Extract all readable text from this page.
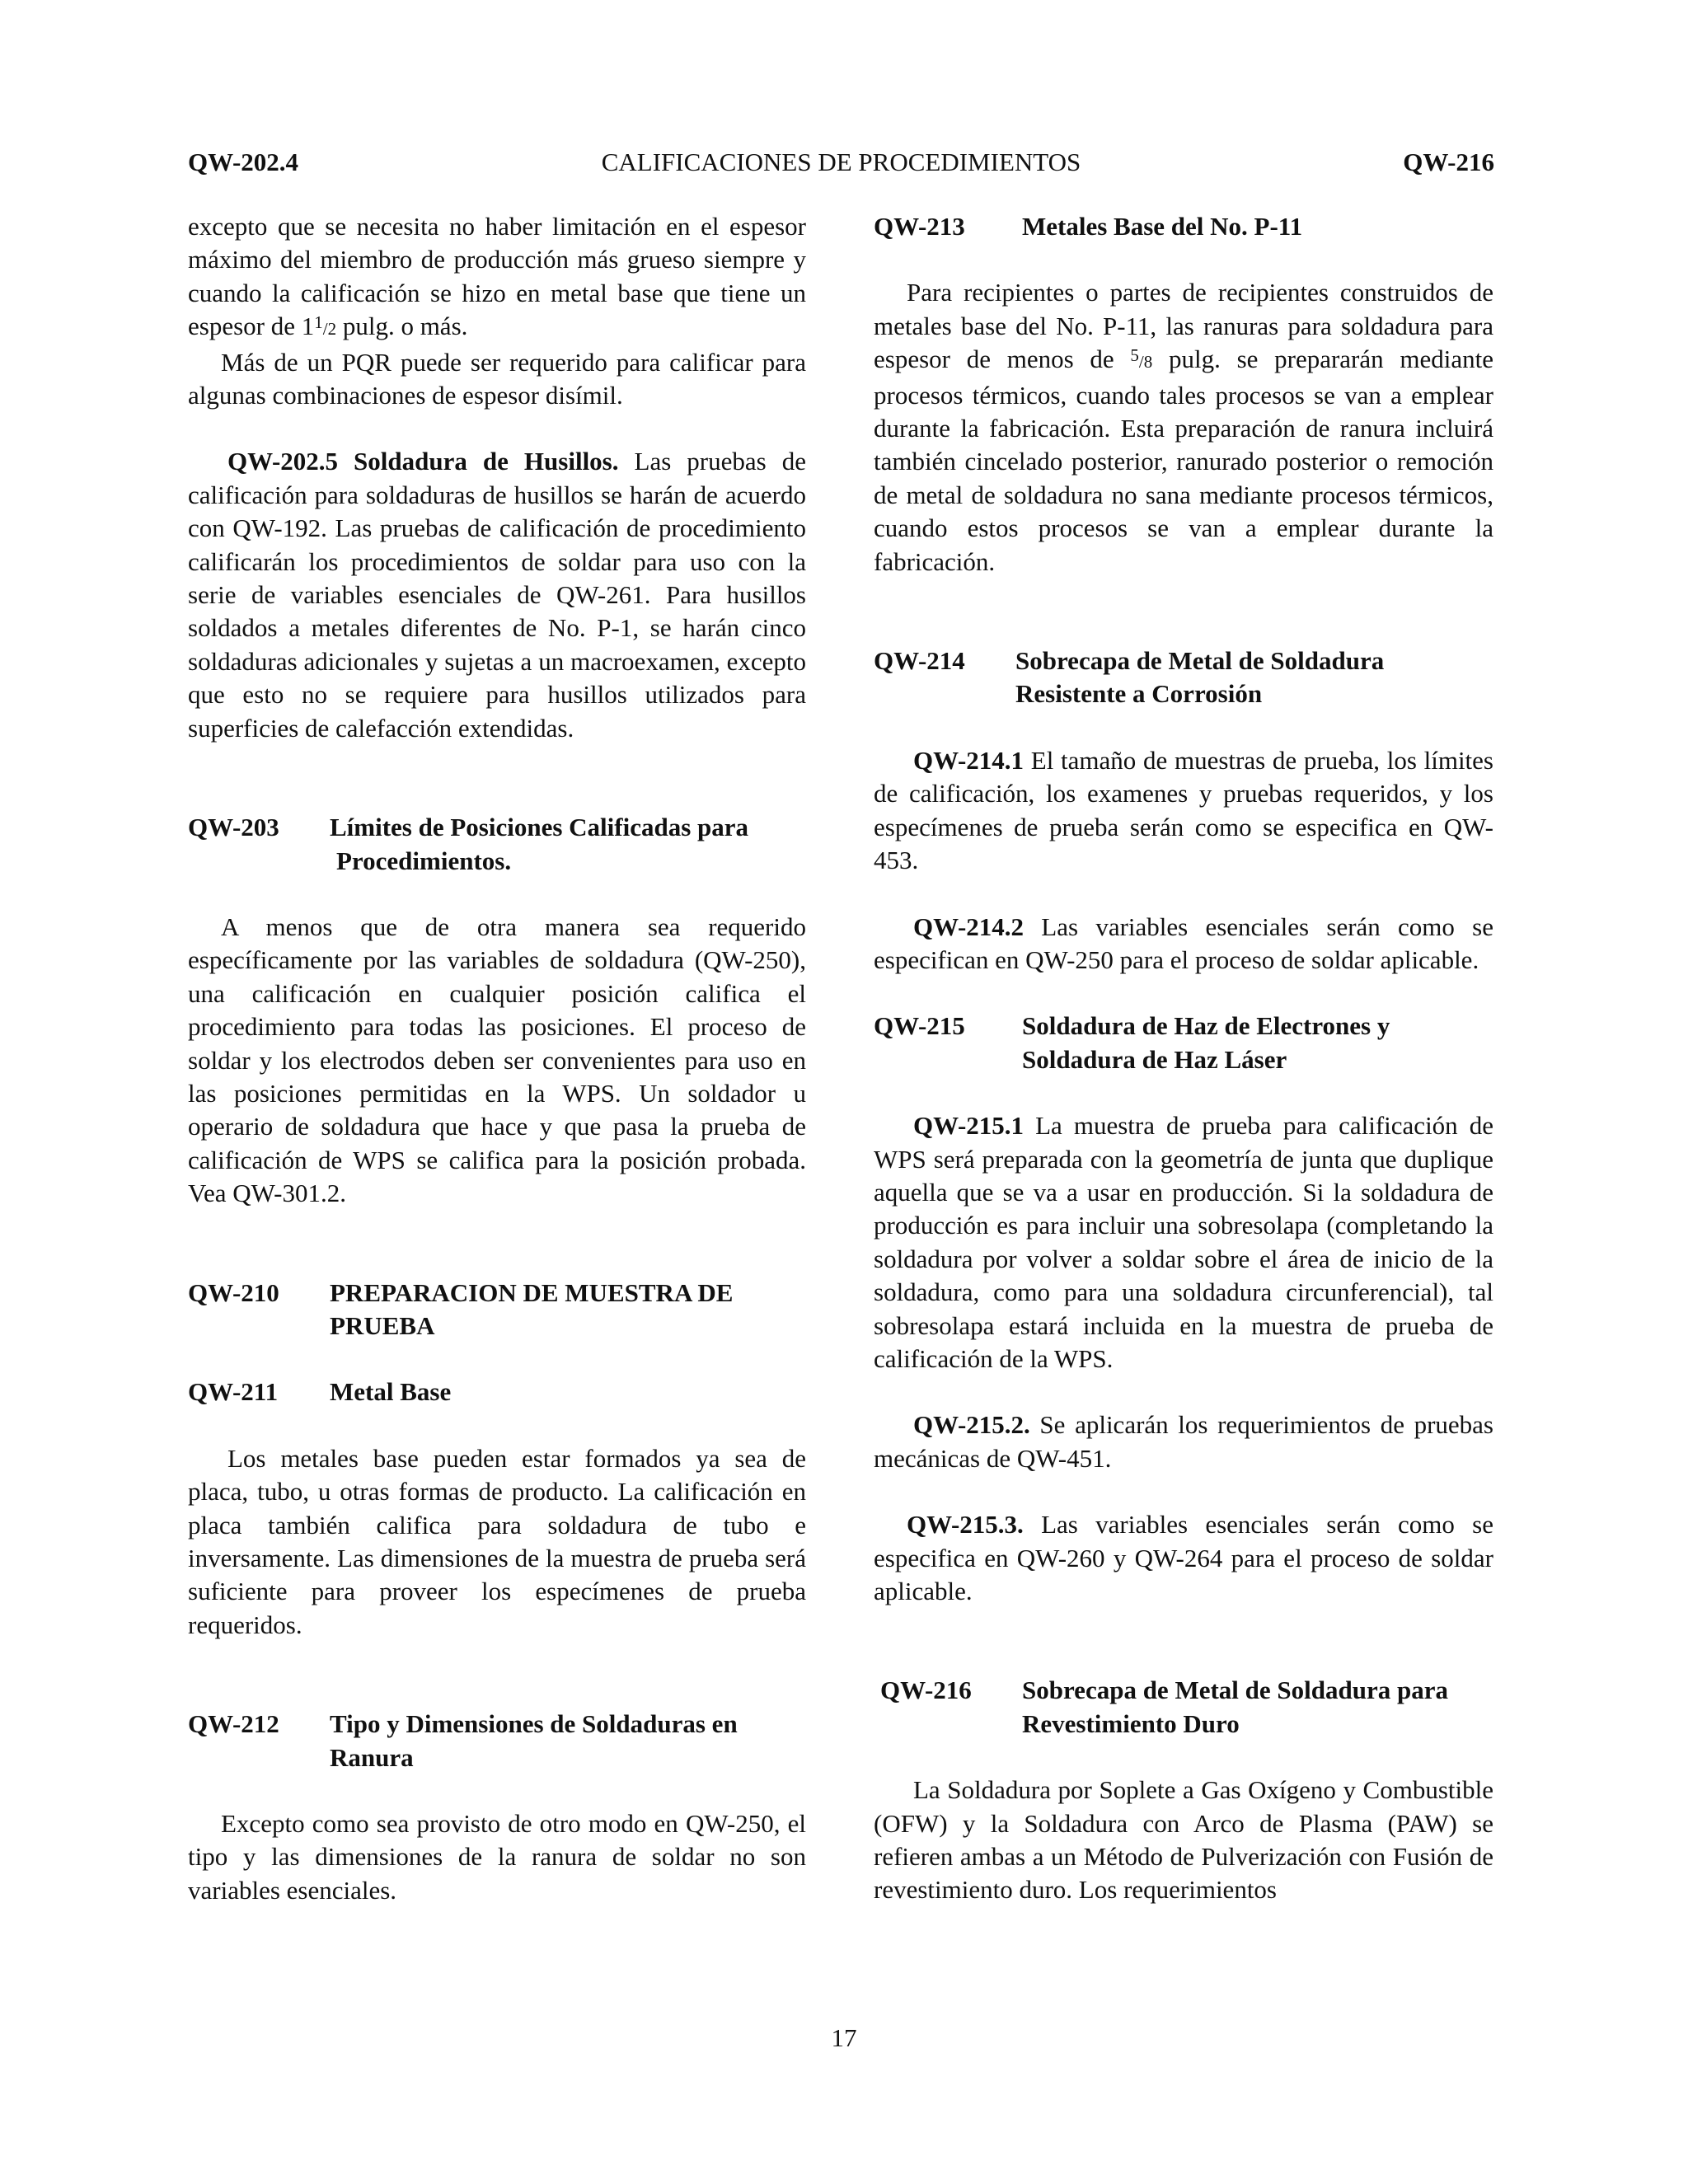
QW-202.4	CALIFICACIONES DE PROCEDIMIENTOS	QW-216

excepto que se necesita no haber limitación en el espesor máximo del miembro de producción más grueso siempre y cuando la calificación se hizo en metal base que tiene un espesor de $1^1/2$ pulg. o más.

Más de un PQR puede ser requerido para calificar para algunas combinaciones de espesor disímil.

QW-202.5 Soldadura de Husillos. Las pruebas de calificación para soldaduras de husillos se harán de acuerdo con QW-192. Las pruebas de calificación de procedimiento calificarán los procedimientos de soldar para uso con la serie de variables esenciales de QW-261. Para husillos soldados a metales diferentes de No. P-1, se harán cinco soldaduras adicionales y sujetas a un macroexamen, excepto que esto no se requiere para husillos utilizados para superficies de calefacción extendidas.

QW-203	Límites de Posiciones Calificadas para
Procedimientos.

A menos que de otra manera sea requerido específicamente por las variables de soldadura (QW-250), una calificación en cualquier posición califica el procedimiento para todas las posiciones. El proceso de soldar y los electrodos deben ser convenientes para uso en las posiciones permitidas en la WPS. Un soldador u operario de soldadura que hace y que pasa la prueba de calificación de WPS se califica para la posición probada. Vea QW-301.2.

QW-210	PREPARACION DE MUESTRA DE
PRUEBA
QW-211	Metal Base

Los metales base pueden estar formados ya sea de placa, tubo, u otras formas de producto. La calificación en placa también califica para soldadura de tubo e inversamente. Las dimensiones de la muestra de prueba será suficiente para proveer los especímenes de prueba requeridos.

QW-212	Tipo y Dimensiones de Soldaduras en
Ranura

Excepto como sea provisto de otro modo en QW-250, el tipo y las dimensiones de la ranura de soldar no son variables esenciales.

QW-213	Metales Base del No. P-11

Para recipientes o partes de recipientes construidos de metales base del No. P-11, las ranuras para soldadura para espesor de menos de $^5$/8 pulg. se prepararán mediante procesos térmicos, cuando tales procesos se van a emplear durante la fabricación. Esta preparación de ranura incluirá también cincelado posterior, ranurado posterior o remoción de metal de soldadura no sana mediante procesos térmicos, cuando estos procesos se van a emplear durante la fabricación.

QW-214	Sobrecapa de Metal de Soldadura
Resistente a Corrosión

QW-214.1 El tamaño de muestras de prueba, los límites de calificación, los examenes y pruebas requeridos, y los especímenes de prueba serán como se especifica en QW-453.

QW-214.2 Las variables esenciales serán como se especifican en QW-250 para el proceso de soldar aplicable.

QW-215	Soldadura de Haz de Electrones y
Soldadura de Haz Láser

QW-215.1 La muestra de prueba para calificación de WPS será preparada con la geometría de junta que duplique aquella que se va a usar en producción. Si la soldadura de producción es para incluir una sobresolapa (completando la soldadura por volver a soldar sobre el área de inicio de la soldadura, como para una soldadura circunferencial), tal sobresolapa estará incluida en la muestra de prueba de calificación de la WPS.

QW-215.2. Se aplicarán los requerimientos de pruebas mecánicas de QW-451.

QW-215.3. Las variables esenciales serán como se especifica en QW-260 y QW-264 para el proceso de soldar aplicable.

QW-216	Sobrecapa de Metal de Soldadura para
Revestimiento Duro

La Soldadura por Soplete a Gas Oxígeno y Combustible (OFW) y la Soldadura con Arco de Plasma (PAW) se refieren ambas a un Método de Pulverización con Fusión de revestimiento duro. Los requerimientos

17
